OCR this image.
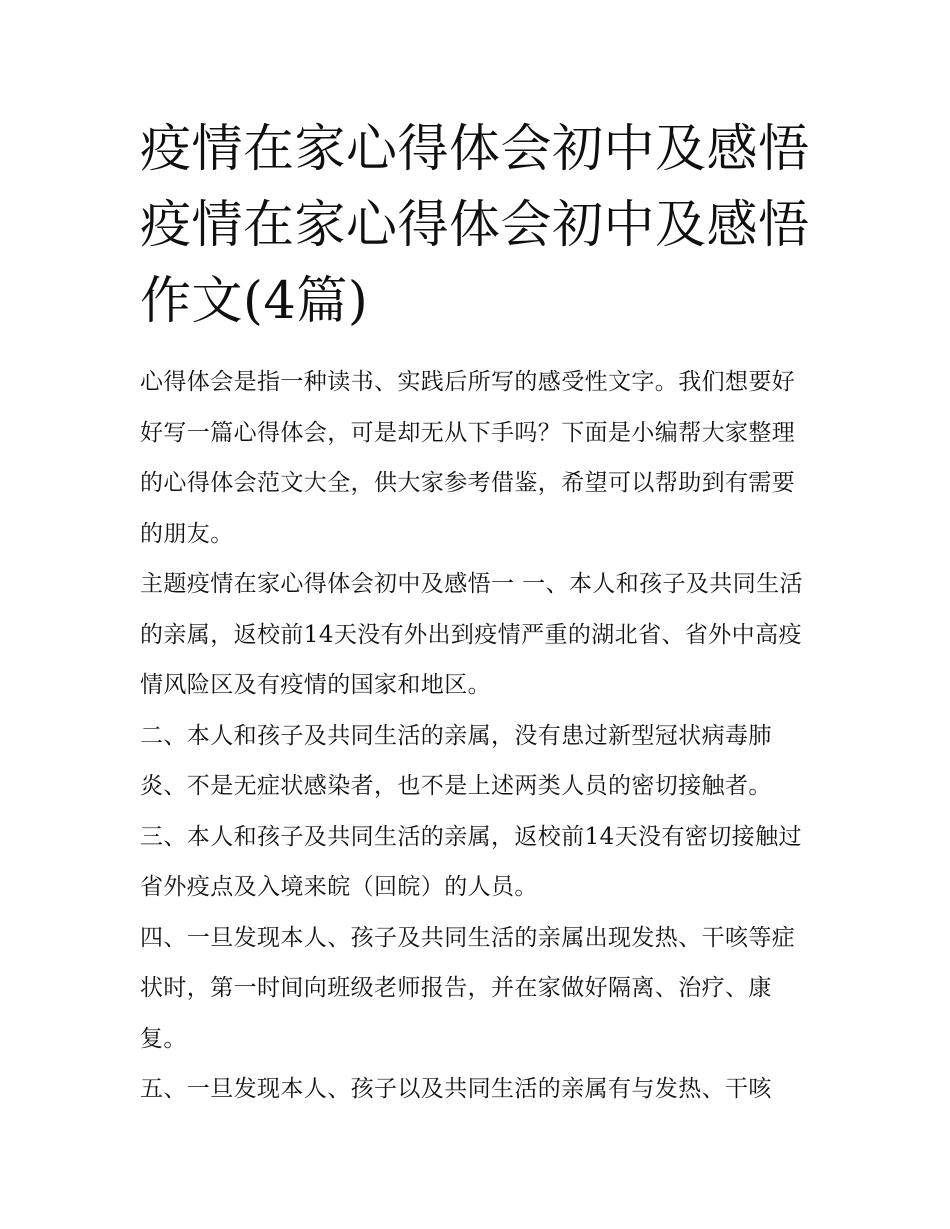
疫情在家心得体会初中及感悟疫情在家心得体会初中及感悟作文(4篇)

心得体会是指一种读书、实践后所写的感受性文字。我们想要好好写一篇心得体会，可是却无从下手吗？下面是小编帮大家整理的心得体会范文大全，供大家参考借鉴，希望可以帮助到有需要的朋友。

主题疫情在家心得体会初中及感悟一 一、本人和孩子及共同生活的亲属，返校前14天没有外出到疫情严重的湖北省、省外中高疫情风险区及有疫情的国家和地区。

二、本人和孩子及共同生活的亲属，没有患过新型冠状病毒肺炎、不是无症状感染者，也不是上述两类人员的密切接触者。

三、本人和孩子及共同生活的亲属，返校前14天没有密切接触过省外疫点及入境来皖（回皖）的人员。

四、一旦发现本人、孩子及共同生活的亲属出现发热、干咳等症状时，第一时间向班级老师报告，并在家做好隔离、治疗、康复。

五、一旦发现本人、孩子以及共同生活的亲属有与发热、干咳
